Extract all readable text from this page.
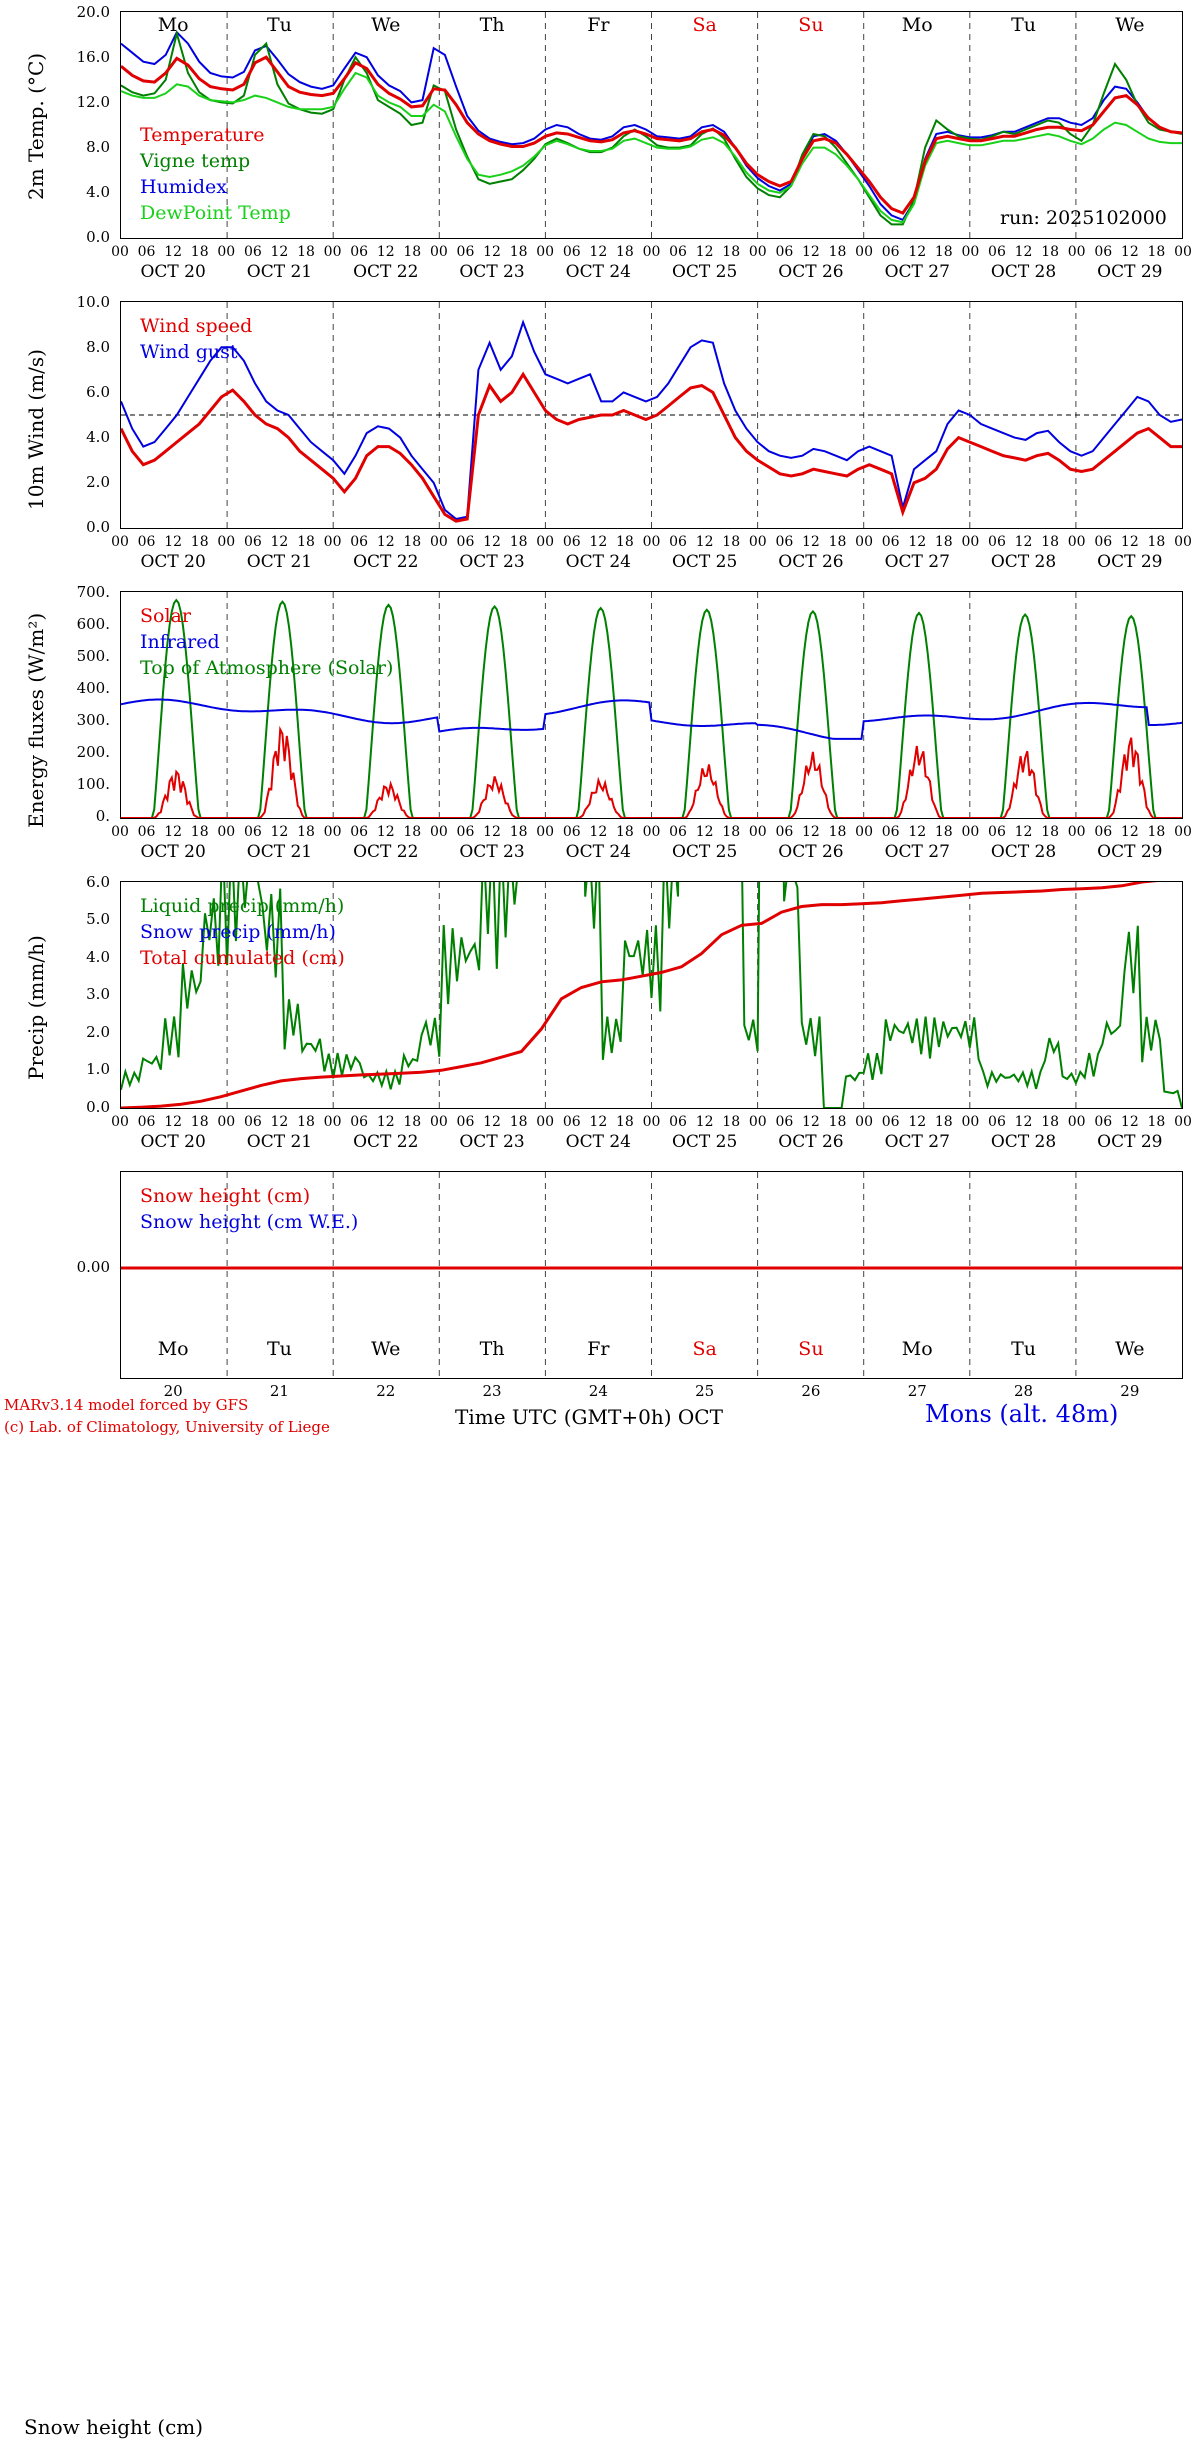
2m Temp. (°C)
20.0
16.0
12.0
8.0
4.0
0.0
Temperature
Vigne temp
Humidex
DewPoint Temp	run: 2025102000
Mo	Tu	We	Th	Fr	Sa	Su	Mo	Tu	We
00 06 12 18 00 06 12 18 00 06 12 18 00 06 12 18 00 06 12 18 00 06 12 18 00 06 12 18 00 06 12 18 00 06 12 18 00 06 12 18 00
OCT 20	OCT 21	OCT 22	OCT 23	OCT 24	OCT 25	OCT 26	OCT 27	OCT 28	OCT 29
10m Wind (m/s)
10.0
8.0
6.0
4.0
2.0
0.0
Wind speed
Wind gust
00 06 12 18 00 06 12 18 00 06 12 18 00 06 12 18 00 06 12 18 00 06 12 18 00 06 12 18 00 06 12 18 00 06 12 18 00 06 12 18 00
OCT 20	OCT 21	OCT 22	OCT 23	OCT 24	OCT 25	OCT 26	OCT 27	OCT 28	OCT 29
Energy fluxes (W/m²)
700.
600.
500.
400.
300.
200.
100.
0.
Solar
Infrared
Top of Atmosphere (Solar)
00 06 12 18 00 06 12 18 00 06 12 18 00 06 12 18 00 06 12 18 00 06 12 18 00 06 12 18 00 06 12 18 00 06 12 18 00 06 12 18 00
OCT 20	OCT 21	OCT 22	OCT 23	OCT 24	OCT 25	OCT 26	OCT 27	OCT 28	OCT 29
Precip (mm/h)
6.0
5.0
4.0
3.0
2.0
1.0
0.0
Liquid precip (mm/h)
Snow precip (mm/h)
Total cumulated (cm)
00 06 12 18 00 06 12 18 00 06 12 18 00 06 12 18 00 06 12 18 00 06 12 18 00 06 12 18 00 06 12 18 00 06 12 18 00 06 12 18 00
OCT 20	OCT 21	OCT 22	OCT 23	OCT 24	OCT 25	OCT 26	OCT 27	OCT 28	OCT 29
Snow height (cm)
0.00
Snow height (cm)
Snow height (cm W.E.)
Mo	Tu	We	Th	Fr	Sa	Su	Mo	Tu	We
20	21	22	23	24	25	26	27	28	29
Time UTC (GMT+0h) OCT
MARv3.14 model forced by GFS
(c) Lab. of Climatology, University of Liege	Mons (alt. 48m)
